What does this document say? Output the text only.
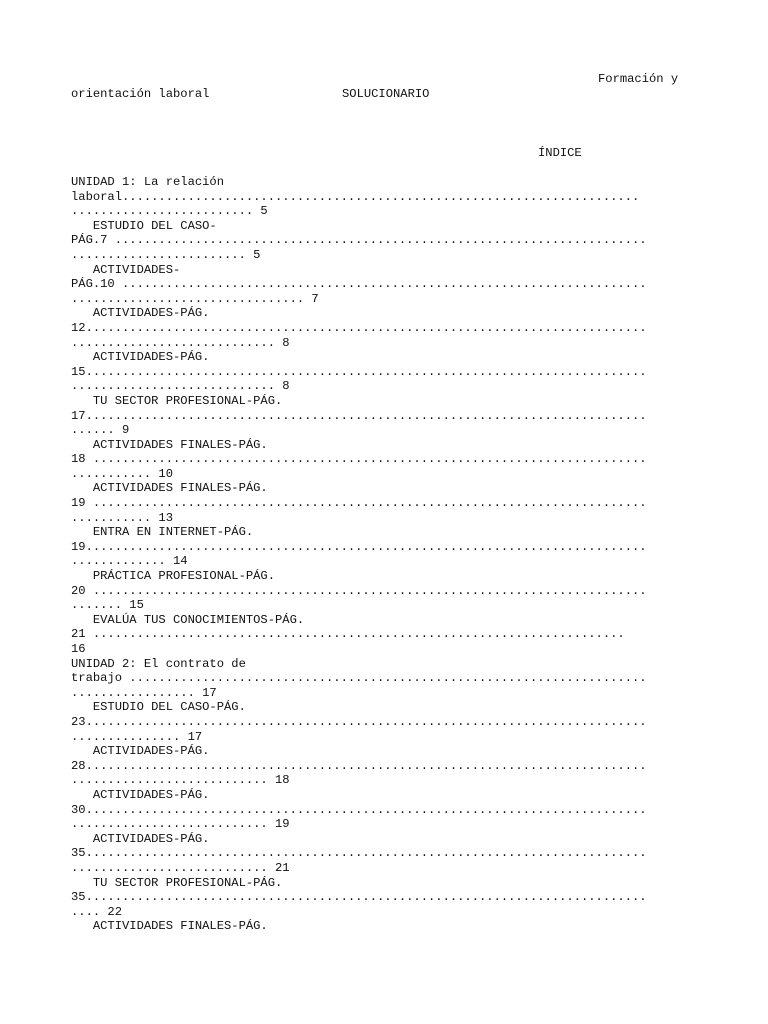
Formación y
orientación laboral	SOLUCIONARIO
ÍNDICE
UNIDAD 1: La relación
laboral.......................................................................
......................... 5
ESTUDIO DEL CASO-
PÁG.7 .........................................................................
........................ 5
ACTIVIDADES-
PÁG.10 ........................................................................
................................ 7
ACTIVIDADES-PÁG.
12.............................................................................
............................ 8
ACTIVIDADES-PÁG.
15.............................................................................
............................ 8
TU SECTOR PROFESIONAL-PÁG.
17.............................................................................
...... 9
ACTIVIDADES FINALES-PÁG.
18 ............................................................................
........... 10
ACTIVIDADES FINALES-PÁG.
19 ............................................................................
........... 13
ENTRA EN INTERNET-PÁG.
19.............................................................................
............. 14
PRÁCTICA PROFESIONAL-PÁG.
20 ............................................................................
....... 15
EVALÚA TUS CONOCIMIENTOS-PÁG.
21 .........................................................................
16
UNIDAD 2: El contrato de
trabajo .......................................................................
................. 17
ESTUDIO DEL CASO-PÁG.
23.............................................................................
............... 17
ACTIVIDADES-PÁG.
28.............................................................................
........................... 18
ACTIVIDADES-PÁG.
30.............................................................................
........................... 19
ACTIVIDADES-PÁG.
35.............................................................................
........................... 21
TU SECTOR PROFESIONAL-PÁG.
35.............................................................................
.... 22
ACTIVIDADES FINALES-PÁG.
